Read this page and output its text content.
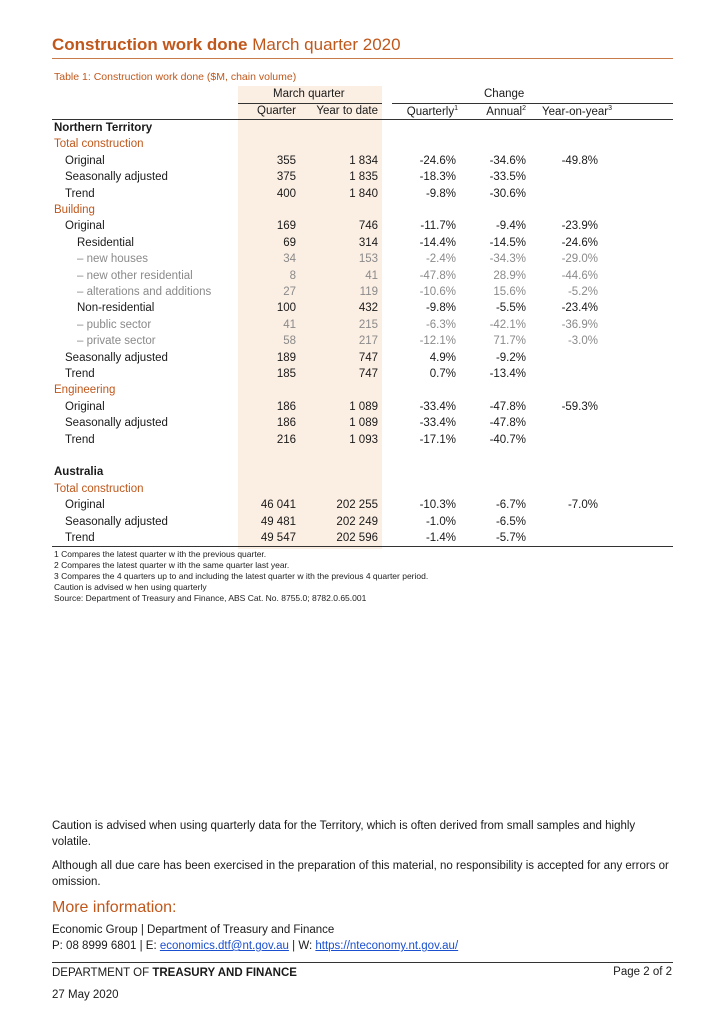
Construction work done March quarter 2020
Table 1: Construction work done ($M, chain volume)
March quarter	Change
Quarter	Year to date	Quarterly$^1$	Annual$^2$	Year-on-year$^3$
Northern Territory
Total construction
Original	355	1 834	-24.6%	-34.6%	-49.8%
Seasonally adjusted	375	1 835	-18.3%	-33.5%
Trend	400	1 840	-9.8%	-30.6%
Building
Original	169	746	-11.7%	-9.4%	-23.9%
Residential	69	314	-14.4%	-14.5%	-24.6%
– new houses	34	153	-2.4%	-34.3%	-29.0%
– new other residential	8	41	-47.8%	28.9%	-44.6%
– alterations and additions	27	119	-10.6%	15.6%	-5.2%
Non-residential	100	432	-9.8%	-5.5%	-23.4%
– public sector	41	215	-6.3%	-42.1%	-36.9%
– private sector	58	217	-12.1%	71.7%	-3.0%
Seasonally adjusted	189	747	4.9%	-9.2%
Trend	185	747	0.7%	-13.4%
Engineering
Original	186	1 089	-33.4%	-47.8%	-59.3%
Seasonally adjusted	186	1 089	-33.4%	-47.8%
Trend	216	1 093	-17.1%	-40.7%
Australia
Total construction
Original	46 041	202 255	-10.3%	-6.7%	-7.0%
Seasonally adjusted	49 481	202 249	-1.0%	-6.5%
Trend	49 547	202 596	-1.4%	-5.7%
1 Compares the latest quarter w ith the previous quarter.
2 Compares the latest quarter w ith the same quarter last year.
3 Compares the 4 quarters up to and including the latest quarter w ith the previous 4 quarter period.
Caution is advised w hen using quarterly
Source: Department of Treasury and Finance, ABS Cat. No. 8755.0; 8782.0.65.001
Caution is advised when using quarterly data for the Territory, which is often derived from small samples and highly volatile.
Although all due care has been exercised in the preparation of this material, no responsibility is accepted for any errors or omission.
More information:
Economic Group | Department of Treasury and Finance
P: 08 8999 6801 | E: economics.dtf@nt.gov.au | W: https://nteconomy.nt.gov.au/
DEPARTMENT OF TREASURY AND FINANCE	Page 2 of 2
27 May 2020
